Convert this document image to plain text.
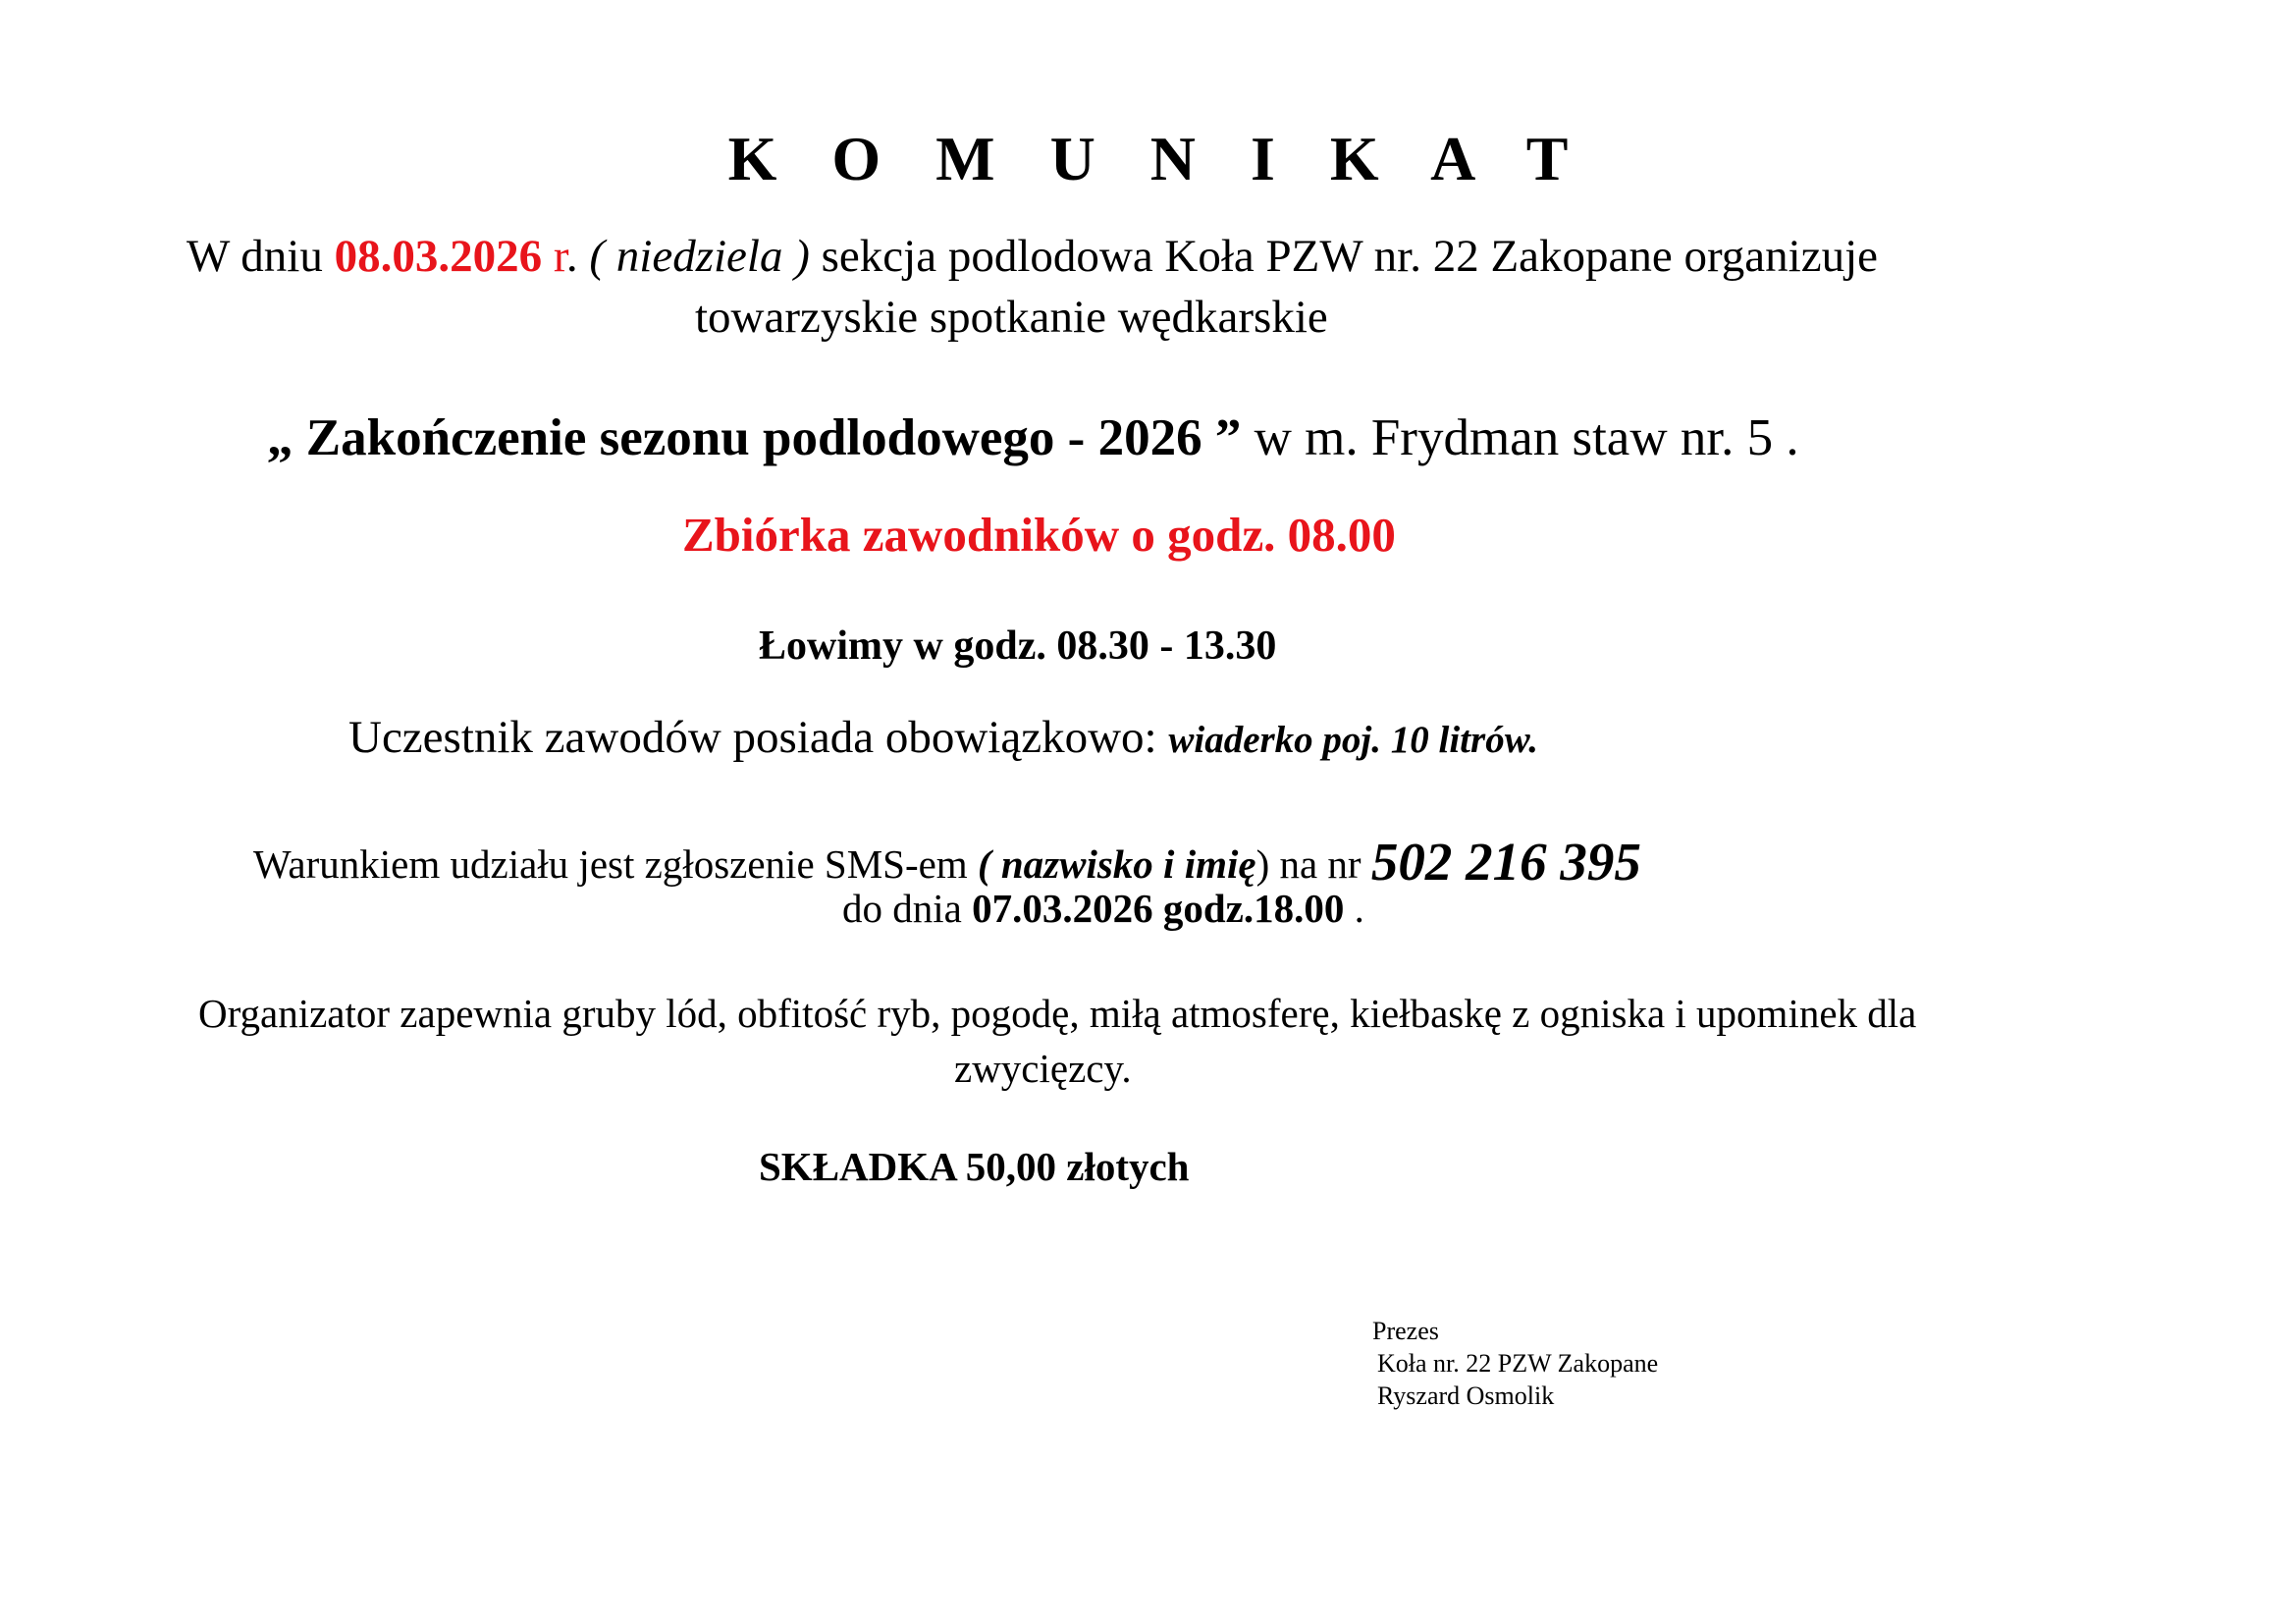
K O M U N I K A T
W dniu 08.03.2026 r. ( niedziela ) sekcja podlodowa Koła PZW nr. 22 Zakopane organizuje
towarzyskie spotkanie wędkarskie
„ Zakończenie sezonu podlodowego - 2026 ” w m. Frydman staw nr. 5 .
Zbiórka zawodników o godz. 08.00
Łowimy w godz. 08.30 - 13.30
Uczestnik zawodów posiada obowiązkowo: wiaderko poj. 10 litrów.
Warunkiem udziału jest zgłoszenie SMS-em ( nazwisko i imię) na nr 502 216 395
do dnia 07.03.2026 godz.18.00 .
Organizator zapewnia gruby lód, obfitość ryb, pogodę, miłą atmosferę, kiełbaskę z ogniska i upominek dla
zwycięzcy.
SKŁADKA 50,00 złotych
Prezes
Koła nr. 22 PZW Zakopane
Ryszard Osmolik
